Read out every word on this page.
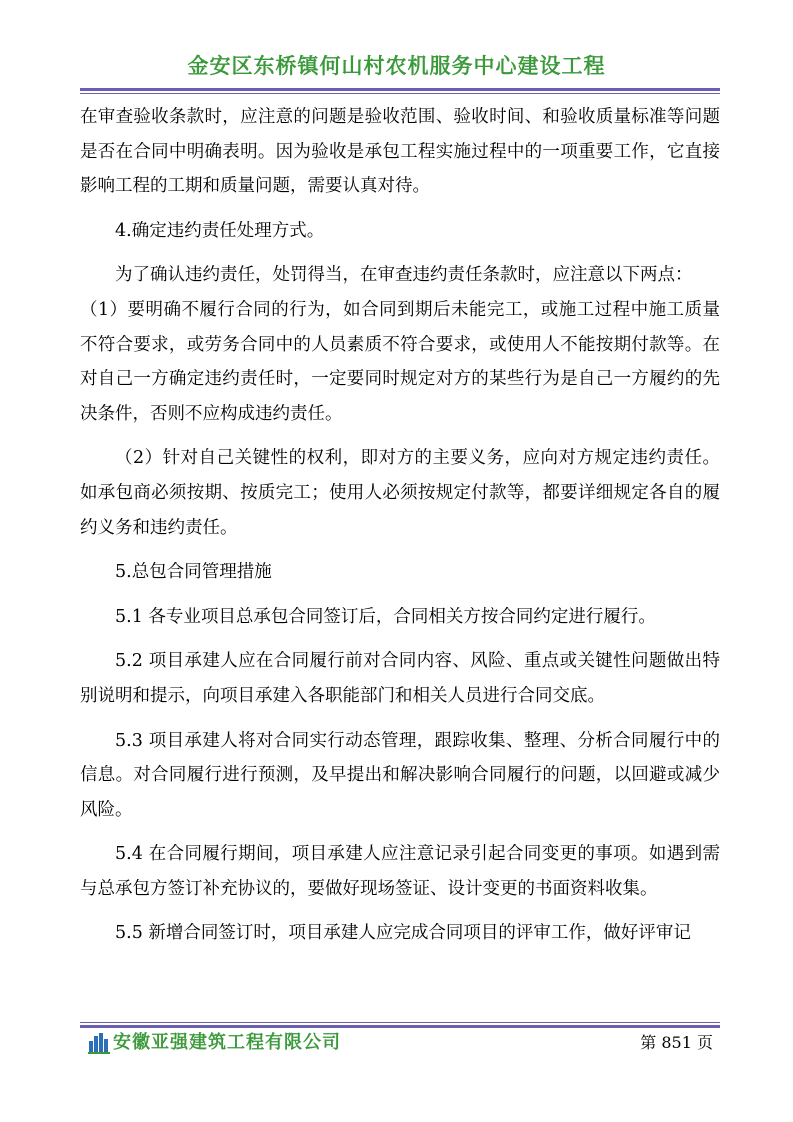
金安区东桥镇何山村农机服务中心建设工程

在审查验收条款时，应注意的问题是验收范围、验收时间、和验收质量标准等问题是否在合同中明确表明。因为验收是承包工程实施过程中的一项重要工作，它直接影响工程的工期和质量问题，需要认真对待。

4.确定违约责任处理方式。

为了确认违约责任，处罚得当，在审查违约责任条款时，应注意以下两点：

（1）要明确不履行合同的行为，如合同到期后未能完工，或施工过程中施工质量不符合要求，或劳务合同中的人员素质不符合要求，或使用人不能按期付款等。在对自己一方确定违约责任时，一定要同时规定对方的某些行为是自己一方履约的先决条件，否则不应构成违约责任。

（2）针对自己关键性的权利，即对方的主要义务，应向对方规定违约责任。如承包商必须按期、按质完工；使用人必须按规定付款等，都要详细规定各自的履约义务和违约责任。

5.总包合同管理措施

5.1 各专业项目总承包合同签订后，合同相关方按合同约定进行履行。

5.2 项目承建人应在合同履行前对合同内容、风险、重点或关键性问题做出特别说明和提示，向项目承建入各职能部门和相关人员进行合同交底。

5.3 项目承建人将对合同实行动态管理，跟踪收集、整理、分析合同履行中的信息。对合同履行进行预测，及早提出和解决影响合同履行的问题，以回避或减少风险。

5.4 在合同履行期间，项目承建人应注意记录引起合同变更的事项。如遇到需与总承包方签订补充协议的，要做好现场签证、设计变更的书面资料收集。

5.5 新增合同签订时，项目承建人应完成合同项目的评审工作，做好评审记

安徽亚强建筑工程有限公司	第 851 页
